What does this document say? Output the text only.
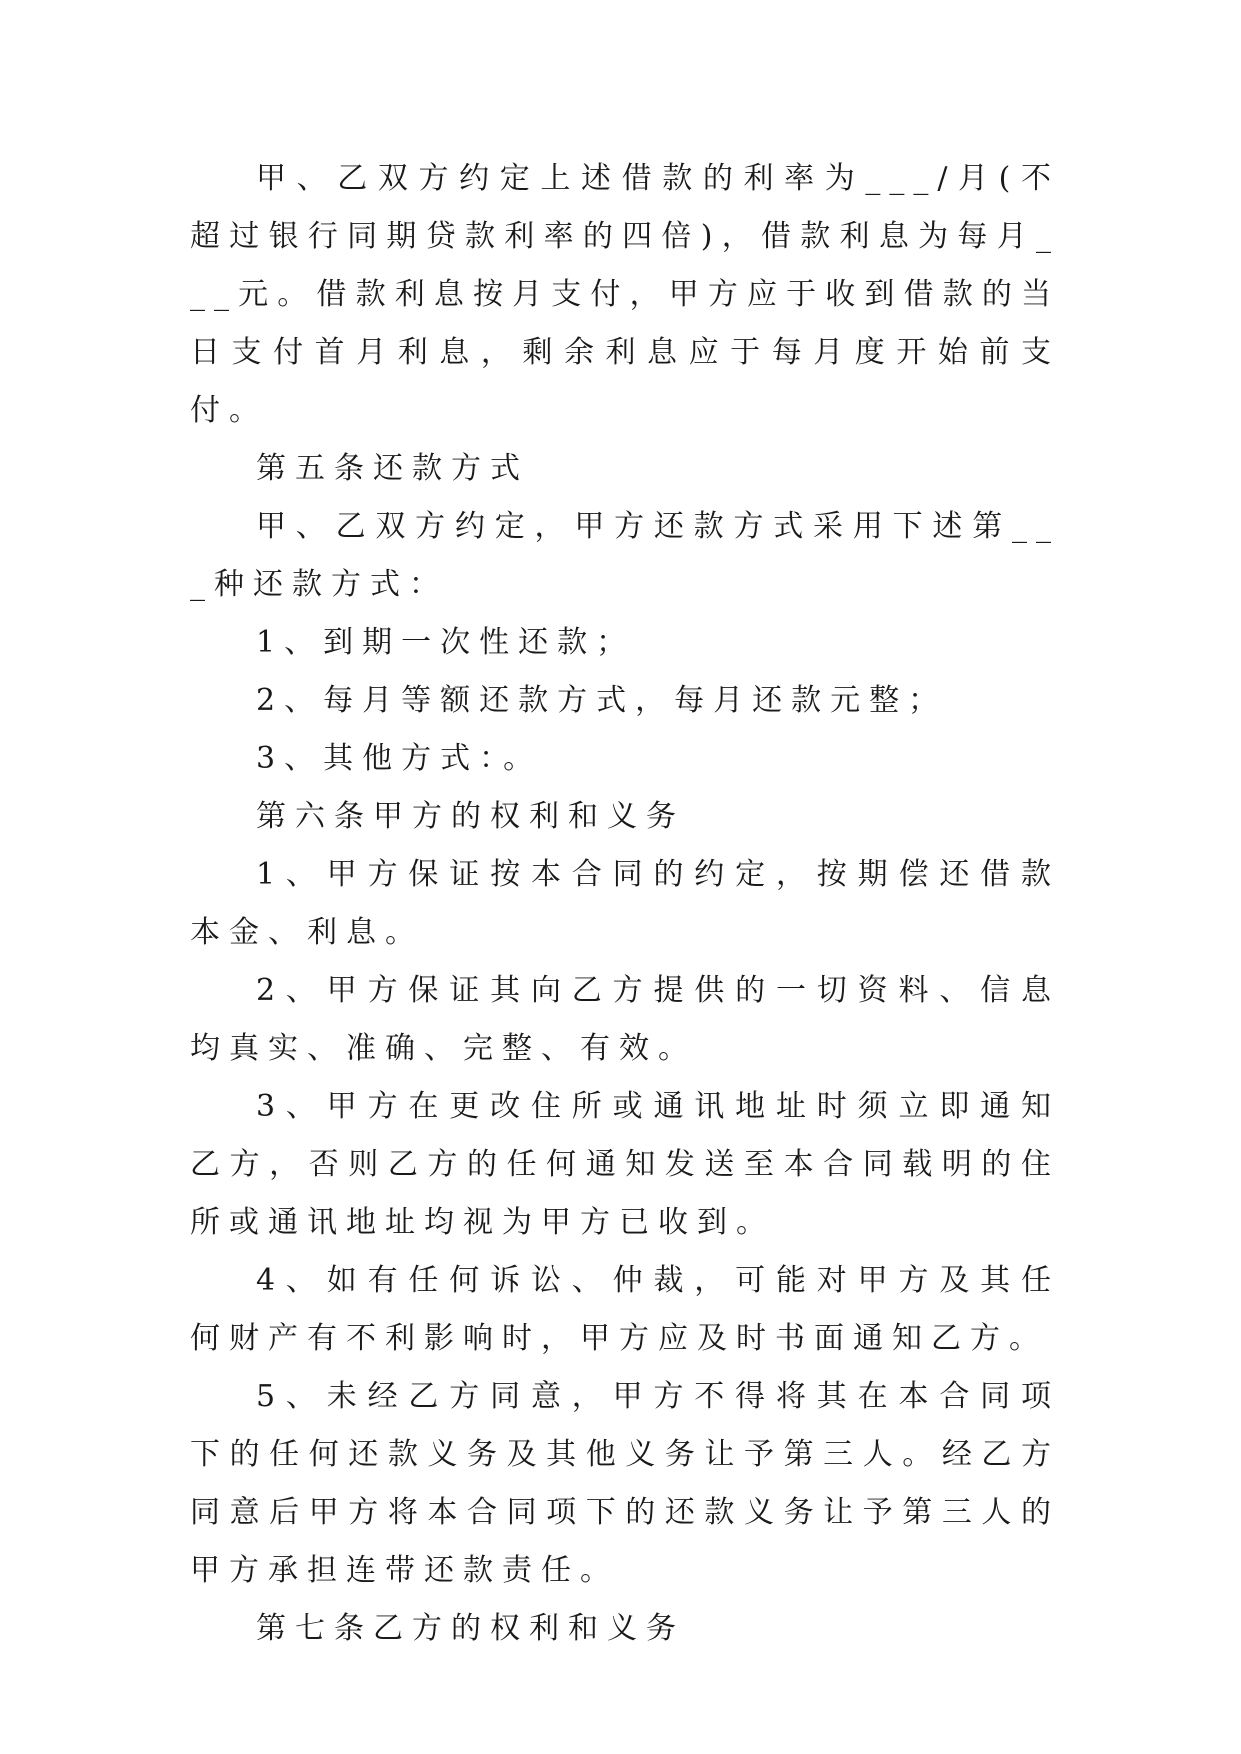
甲、乙双方约定上述借款的利率为___/月(不超过银行同期贷款利率的四倍)，借款利息为每月___元。借款利息按月支付，甲方应于收到借款的当日支付首月利息，剩余利息应于每月度开始前支付。

第五条还款方式

甲、乙双方约定，甲方还款方式采用下述第___种还款方式：

1、到期一次性还款；

2、每月等额还款方式，每月还款元整；

3、其他方式：。

第六条甲方的权利和义务

1、甲方保证按本合同的约定，按期偿还借款本金、利息。

2、甲方保证其向乙方提供的一切资料、信息均真实、准确、完整、有效。

3、甲方在更改住所或通讯地址时须立即通知乙方，否则乙方的任何通知发送至本合同载明的住所或通讯地址均视为甲方已收到。

4、如有任何诉讼、仲裁，可能对甲方及其任何财产有不利影响时，甲方应及时书面通知乙方。

5、未经乙方同意，甲方不得将其在本合同项下的任何还款义务及其他义务让予第三人。经乙方同意后甲方将本合同项下的还款义务让予第三人的甲方承担连带还款责任。

第七条乙方的权利和义务
